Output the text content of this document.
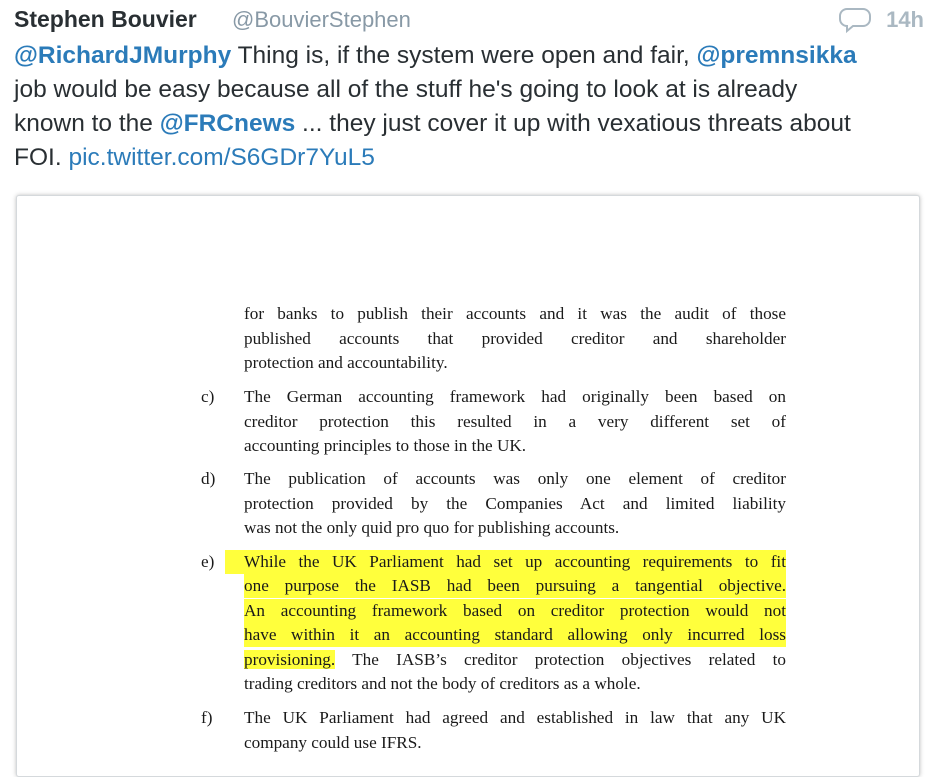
Stephen Bouvier @BouvierStephen	14h
@RichardJMurphy Thing is, if the system were open and fair, @premnsikka
job would be easy because all of the stuff he's going to look at is already
known to the @FRCnews ... they just cover it up with vexatious threats about
FOI. pic.twitter.com/S6GDr7YuL5
for banks to publish their accounts and it was the audit of those
published accounts that provided creditor and shareholder
protection and accountability.
c)	The German accounting framework had originally been based on
creditor protection this resulted in a very different set of
accounting principles to those in the UK.
d)	The publication of accounts was only one element of creditor
protection provided by the Companies Act and limited liability
was not the only quid pro quo for publishing accounts.
e)	While the UK Parliament had set up accounting requirements to fit
one purpose the IASB had been pursuing a tangential objective.
An accounting framework based on creditor protection would not
have within it an accounting standard allowing only incurred loss
provisioning. The IASB’s creditor protection objectives related to
trading creditors and not the body of creditors as a whole.
f)	The UK Parliament had agreed and established in law that any UK
company could use IFRS.
